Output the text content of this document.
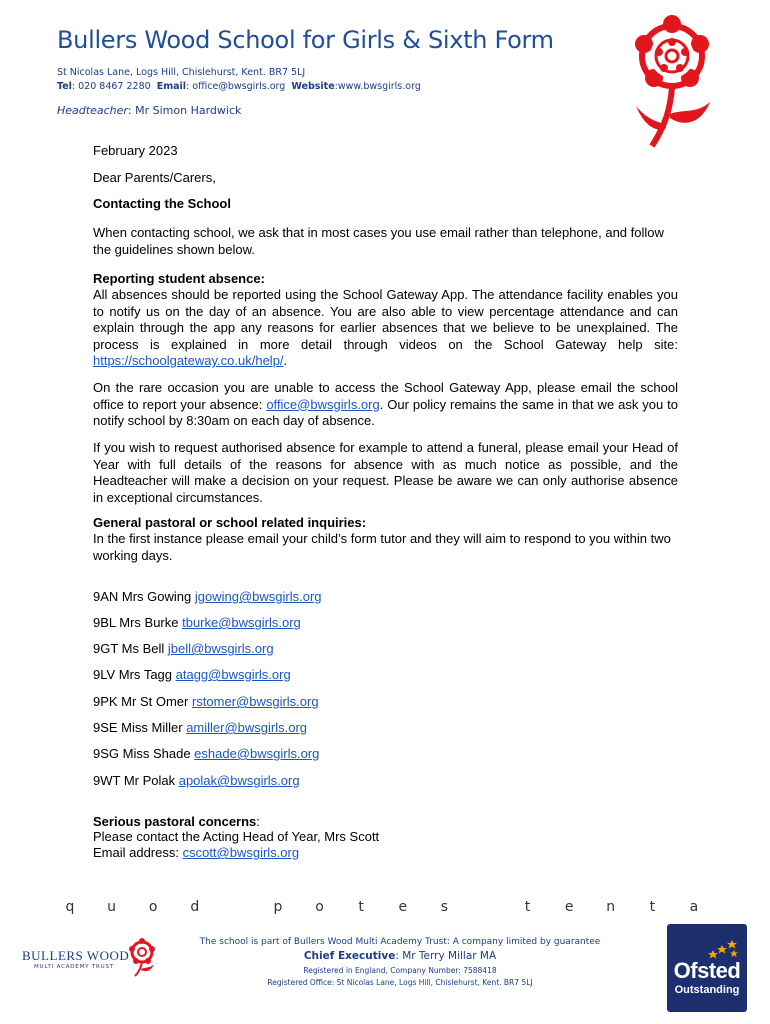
Bullers Wood School for Girls & Sixth Form
St Nicolas Lane, Logs Hill, Chislehurst, Kent. BR7 5LJ
Tel: 020 8467 2280 Email: office@bwsgirls.org Website:www.bwsgirls.org
Headteacher: Mr Simon Hardwick
February 2023
Dear Parents/Carers,
Contacting the School
When contacting school, we ask that in most cases you use email rather than telephone, and follow the guidelines shown below.
Reporting student absence:
All absences should be reported using the School Gateway App. The attendance facility enables you to notify us on the day of an absence. You are also able to view percentage attendance and can explain through the app any reasons for earlier absences that we believe to be unexplained. The process is explained in more detail through videos on the School Gateway help site: https://schoolgateway.co.uk/help/.
On the rare occasion you are unable to access the School Gateway App, please email the school office to report your absence: office@bwsgirls.org. Our policy remains the same in that we ask you to notify school by 8:30am on each day of absence.
If you wish to request authorised absence for example to attend a funeral, please email your Head of Year with full details of the reasons for absence with as much notice as possible, and the Headteacher will make a decision on your request. Please be aware we can only authorise absence in exceptional circumstances.
General pastoral or school related inquiries:
In the first instance please email your child’s form tutor and they will aim to respond to you within two working days.
9AN Mrs Gowing jgowing@bwsgirls.org
9BL Mrs Burke tburke@bwsgirls.org
9GT Ms Bell jbell@bwsgirls.org
9LV Mrs Tagg atagg@bwsgirls.org
9PK Mr St Omer rstomer@bwsgirls.org
9SE Miss Miller amiller@bwsgirls.org
9SG Miss Shade eshade@bwsgirls.org
9WT Mr Polak apolak@bwsgirls.org
Serious pastoral concerns:
Please contact the Acting Head of Year, Mrs Scott
Email address: cscott@bwsgirls.org
q u o d	p o	t	e	s	t	e n	t	a
BULLERS WOOD
MULTI ACADEMY TRUST
The school is part of Bullers Wood Multi Academy Trust: A company limited by guarantee
Chief Executive: Mr Terry Millar MA
Registered in England, Company Number: 7588418
Registered Office: St Nicolas Lane, Logs Hill, Chislehurst, Kent. BR7 5LJ	Ofsted
Outstanding
